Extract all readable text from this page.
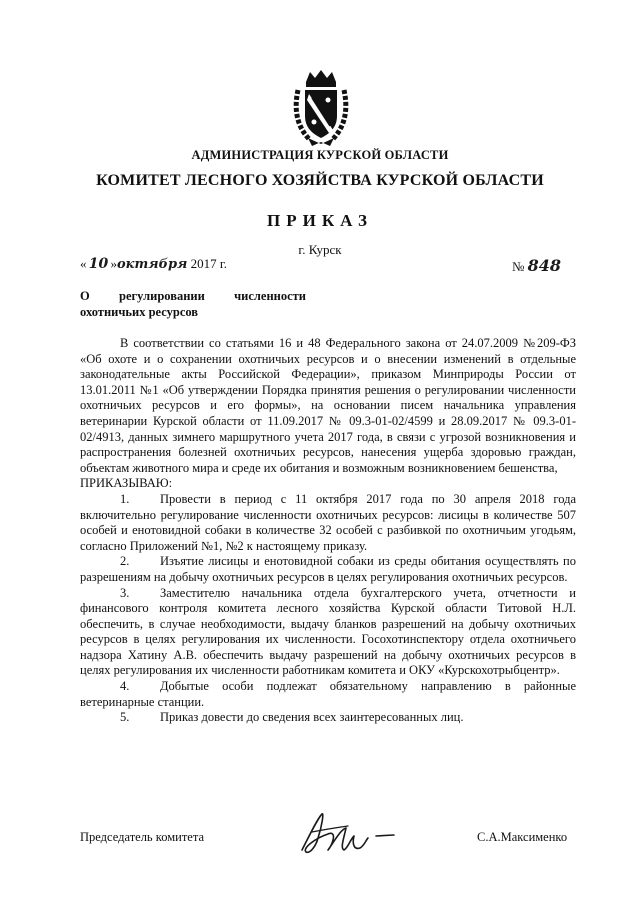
АДМИНИСТРАЦИЯ КУРСКОЙ ОБЛАСТИ
КОМИТЕТ ЛЕСНОГО ХОЗЯЙСТВА КУРСКОЙ ОБЛАСТИ
ПРИКАЗ
г. Курск
« 10 »октября 2017 г.	№ 848
О регулировании численности
охотничьих ресурсов

В соответствии со статьями 16 и 48 Федерального закона от 24.07.2009 №209-ФЗ «Об охоте и о сохранении охотничьих ресурсов и о внесении изменений в отдельные законодательные акты Российской Федерации», приказом Минприроды России от 13.01.2011 №1 «Об утверждении Порядка принятия решения о регулировании численности охотничьих ресурсов и его формы», на основании писем начальника управления ветеринарии Курской области от 11.09.2017 № 09.3-01-02/4599 и 28.09.2017 № 09.3-01-02/4913, данных зимнего маршрутного учета 2017 года, в связи с угрозой возникновения и распространения болезней охотничьих ресурсов, нанесения ущерба здоровью граждан, объектам животного мира и среде их обитания и возможным возникновением бешенства,

ПРИКАЗЫВАЮ:

1. Провести в период с 11 октября 2017 года по 30 апреля 2018 года включительно регулирование численности охотничьих ресурсов: лисицы в количестве 507 особей и енотовидной собаки в количестве 32 особей с разбивкой по охотничьим угодьям, согласно Приложений №1, №2 к настоящему приказу.

2. Изъятие лисицы и енотовидной собаки из среды обитания осуществлять по разрешениям на добычу охотничьих ресурсов в целях регулирования охотничьих ресурсов.

3. Заместителю начальника отдела бухгалтерского учета, отчетности и финансового контроля комитета лесного хозяйства Курской области Титовой Н.Л. обеспечить, в случае необходимости, выдачу бланков разрешений на добычу охотничьих ресурсов в целях регулирования их численности. Госохотинспектору отдела охотничьего надзора Хатину А.В. обеспечить выдачу разрешений на добычу охотничьих ресурсов в целях регулирования их численности работникам комитета и ОКУ «Курскохотрыбцентр».

4. Добытые особи подлежат обязательному направлению в районные ветеринарные станции.

5. Приказ довести до сведения всех заинтересованных лиц.

Председатель комитета	С.А.Максименко
